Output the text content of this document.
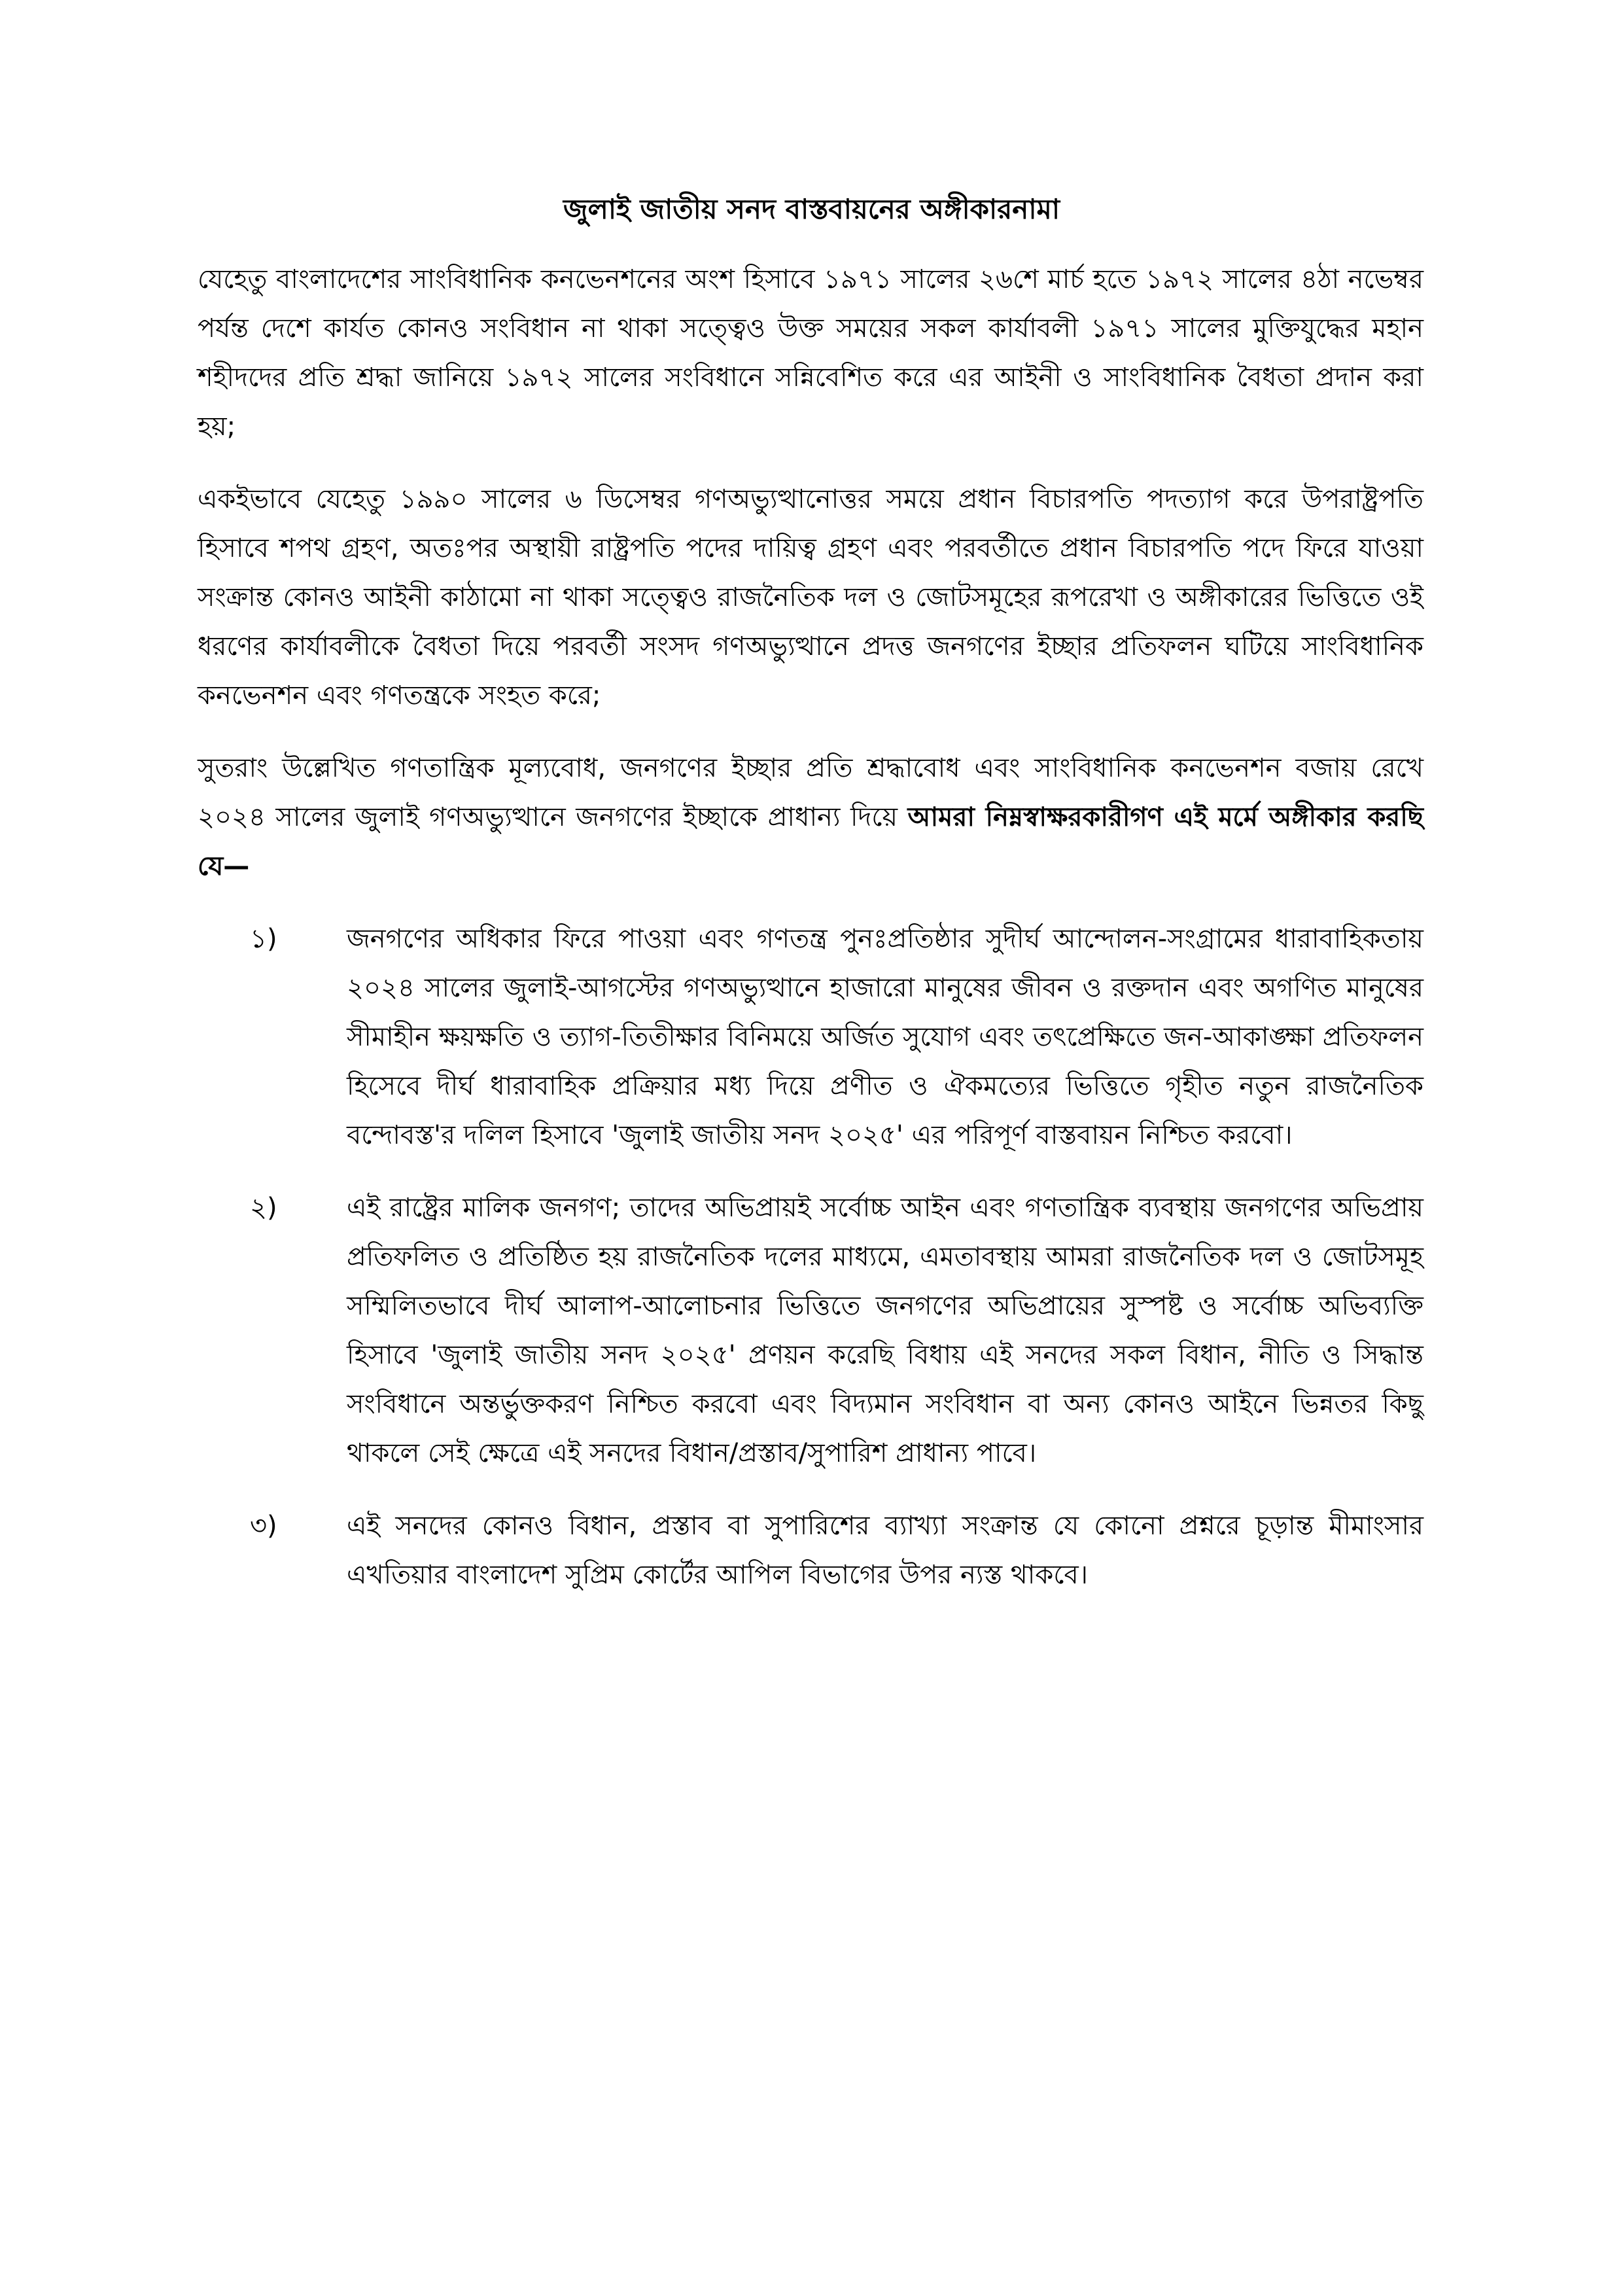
জুলাই জাতীয় সনদ বাস্তবায়নের অঙ্গীকারনামা

যেহেতু বাংলাদেশের সাংবিধানিক কনভেনশনের অংশ হিসাবে ১৯৭১ সালের ২৬শে মার্চ হতে ১৯৭২ সালের ৪ঠা নভেম্বর পর্যন্ত দেশে কার্যত কোনও সংবিধান না থাকা সত্ত্বেও উক্ত সময়ের সকল কার্যাবলী ১৯৭১ সালের মুক্তিযুদ্ধের মহান শহীদদের প্রতি শ্রদ্ধা জানিয়ে ১৯৭২ সালের সংবিধানে সন্নিবেশিত করে এর আইনী ও সাংবিধানিক বৈধতা প্রদান করা হয়;

একইভাবে যেহেতু ১৯৯০ সালের ৬ ডিসেম্বর গণঅভ্যুত্থানোত্তর সময়ে প্রধান বিচারপতি পদত্যাগ করে উপরাষ্ট্রপতি হিসাবে শপথ গ্রহণ, অতঃপর অস্থায়ী রাষ্ট্রপতি পদের দায়িত্ব গ্রহণ এবং পরবর্তীতে প্রধান বিচারপতি পদে ফিরে যাওয়া সংক্রান্ত কোনও আইনী কাঠামো না থাকা সত্ত্বেও রাজনৈতিক দল ও জোটসমূহের রূপরেখা ও অঙ্গীকারের ভিত্তিতে ওই ধরণের কার্যাবলীকে বৈধতা দিয়ে পরবর্তী সংসদ গণঅভ্যুত্থানে প্রদত্ত জনগণের ইচ্ছার প্রতিফলন ঘটিয়ে সাংবিধানিক কনভেনশন এবং গণতন্ত্রকে সংহত করে;

সুতরাং উল্লেখিত গণতান্ত্রিক মূল্যবোধ, জনগণের ইচ্ছার প্রতি শ্রদ্ধাবোধ এবং সাংবিধানিক কনভেনশন বজায় রেখে ২০২৪ সালের জুলাই গণঅভ্যুত্থানে জনগণের ইচ্ছাকে প্রাধান্য দিয়ে আমরা নিম্নস্বাক্ষরকারীগণ এই মর্মে অঙ্গীকার করছি যে—

১)	জনগণের অধিকার ফিরে পাওয়া এবং গণতন্ত্র পুনঃপ্রতিষ্ঠার সুদীর্ঘ আন্দোলন-সংগ্রামের ধারাবাহিকতায় ২০২৪ সালের জুলাই-আগস্টের গণঅভ্যুত্থানে হাজারো মানুষের জীবন ও রক্তদান এবং অগণিত মানুষের সীমাহীন ক্ষয়ক্ষতি ও ত্যাগ-তিতীক্ষার বিনিময়ে অর্জিত সুযোগ এবং তৎপ্রেক্ষিতে জন-আকাঙ্ক্ষা প্রতিফলন হিসেবে দীর্ঘ ধারাবাহিক প্রক্রিয়ার মধ্য দিয়ে প্রণীত ও ঐকমত্যের ভিত্তিতে গৃহীত নতুন রাজনৈতিক বন্দোবস্ত'র দলিল হিসাবে 'জুলাই জাতীয় সনদ ২০২৫' এর পরিপূর্ণ বাস্তবায়ন নিশ্চিত করবো।

২)	এই রাষ্ট্রের মালিক জনগণ; তাদের অভিপ্রায়ই সর্বোচ্চ আইন এবং গণতান্ত্রিক ব্যবস্থায় জনগণের অভিপ্রায় প্রতিফলিত ও প্রতিষ্ঠিত হয় রাজনৈতিক দলের মাধ্যমে, এমতাবস্থায় আমরা রাজনৈতিক দল ও জোটসমূহ সম্মিলিতভাবে দীর্ঘ আলাপ-আলোচনার ভিত্তিতে জনগণের অভিপ্রায়ের সুস্পষ্ট ও সর্বোচ্চ অভিব্যক্তি হিসাবে 'জুলাই জাতীয় সনদ ২০২৫' প্রণয়ন করেছি বিধায় এই সনদের সকল বিধান, নীতি ও সিদ্ধান্ত সংবিধানে অন্তর্ভুক্তকরণ নিশ্চিত করবো এবং বিদ্যমান সংবিধান বা অন্য কোনও আইনে ভিন্নতর কিছু থাকলে সেই ক্ষেত্রে এই সনদের বিধান/প্রস্তাব/সুপারিশ প্রাধান্য পাবে।

৩)	এই সনদের কোনও বিধান, প্রস্তাব বা সুপারিশের ব্যাখ্যা সংক্রান্ত যে কোনো প্রশ্নরে চূড়ান্ত মীমাংসার এখতিয়ার বাংলাদেশ সুপ্রিম কোর্টের আপিল বিভাগের উপর ন্যস্ত থাকবে।
